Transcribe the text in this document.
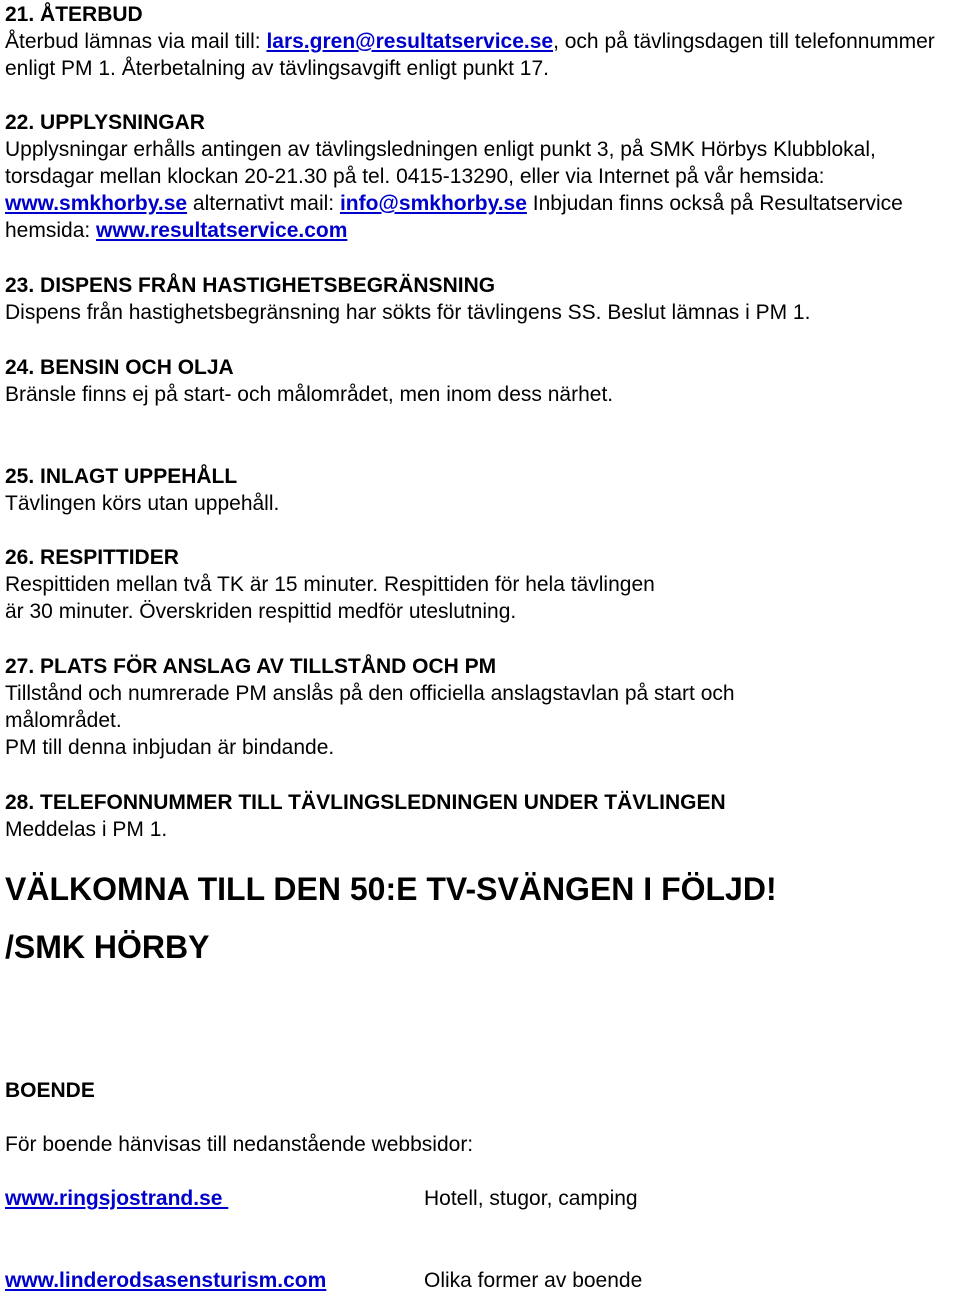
21. ÅTERBUD
Återbud lämnas via mail till: lars.gren@resultatservice.se, och på tävlingsdagen till telefonnummer enligt PM 1. Återbetalning av tävlingsavgift enligt punkt 17.
22. UPPLYSNINGAR
Upplysningar erhålls antingen av tävlingsledningen enligt punkt 3, på SMK Hörbys Klubblokal, torsdagar mellan klockan 20-21.30 på tel. 0415-13290, eller via Internet på vår hemsida: www.smkhorby.se alternativt mail: info@smkhorby.se Inbjudan finns också på Resultatservice hemsida: www.resultatservice.com
23. DISPENS FRÅN HASTIGHETSBEGRÄNSNING
Dispens från hastighetsbegränsning har sökts för tävlingens SS. Beslut lämnas i PM 1.
24. BENSIN OCH OLJA
Bränsle finns ej på start- och målområdet, men inom dess närhet.
25. INLAGT UPPEHÅLL
Tävlingen körs utan uppehåll.
26. RESPITTIDER
Respittiden mellan två TK är 15 minuter. Respittiden för hela tävlingen är 30 minuter. Överskriden respittid medför uteslutning.
27. PLATS FÖR ANSLAG AV TILLSTÅND OCH PM
Tillstånd och numrerade PM anslås på den officiella anslagstavlan på start och målområdet.
PM till denna inbjudan är bindande.
28. TELEFONNUMMER TILL TÄVLINGSLEDNINGEN UNDER TÄVLINGEN
Meddelas i PM 1.
VÄLKOMNA TILL DEN 50:E TV-SVÄNGEN I FÖLJD!
/SMK HÖRBY
BOENDE
För boende hänvisas till nedanstående webbsidor:
www.ringsjostrand.se	Hotell, stugor, camping
www.linderodsasensturism.com	Olika former av boende
